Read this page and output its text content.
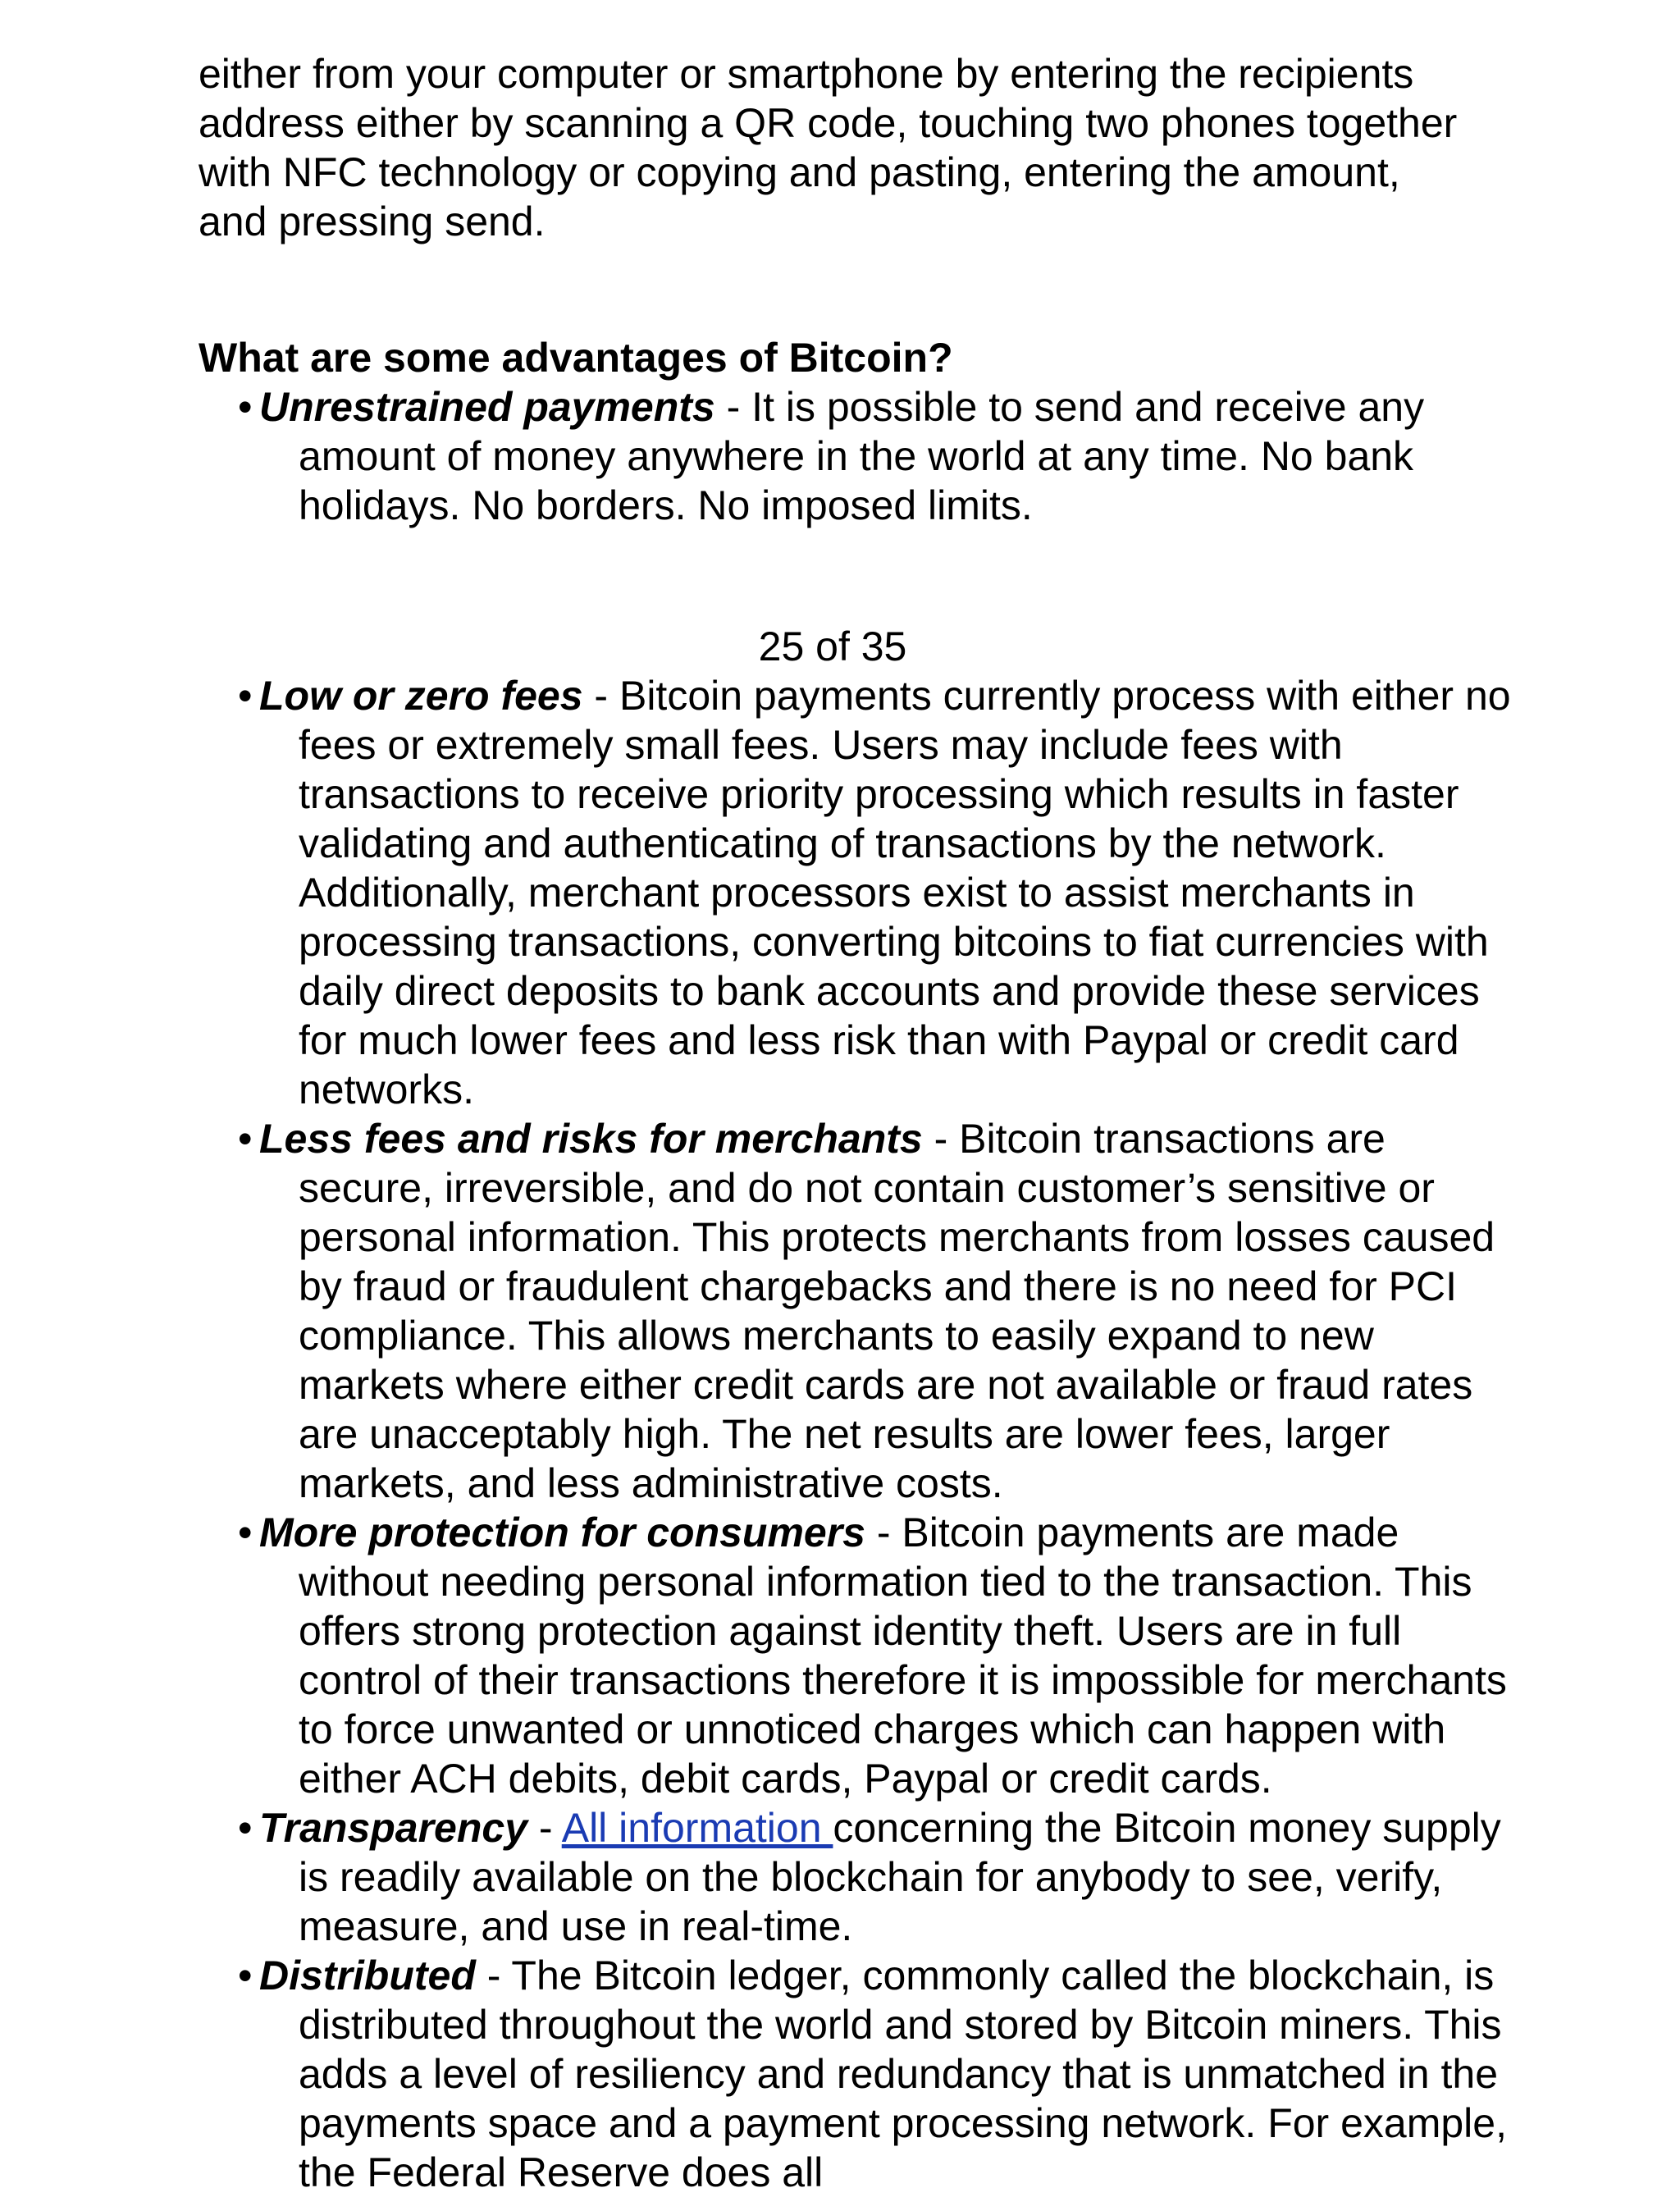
either from your computer or smartphone by entering the recipients address either by scanning a QR code, touching two phones together with NFC technology or copying and pasting, entering the amount, and pressing send.

What are some advantages of Bitcoin?
• Unrestrained payments - It is possible to send and receive any amount of money anywhere in the world at any time. No bank holidays. No borders. No imposed limits.
25 of 35
• Low or zero fees - Bitcoin payments currently process with either no fees or extremely small fees. Users may include fees with transactions to receive priority processing which results in faster validating and authenticating of transactions by the network. Additionally, merchant processors exist to assist merchants in processing transactions, converting bitcoins to fiat currencies with daily direct deposits to bank accounts and provide these services for much lower fees and less risk than with Paypal or credit card networks.
• Less fees and risks for merchants - Bitcoin transactions are secure, irreversible, and do not contain customer’s sensitive or personal information. This protects merchants from losses caused by fraud or fraudulent chargebacks and there is no need for PCI compliance. This allows merchants to easily expand to new markets where either credit cards are not available or fraud rates are unacceptably high. The net results are lower fees, larger markets, and less administrative costs.
• More protection for consumers - Bitcoin payments are made without needing personal information tied to the transaction. This offers strong protection against identity theft. Users are in full control of their transactions therefore it is impossible for merchants to force unwanted or unnoticed charges which can happen with either ACH debits, debit cards, Paypal or credit cards.
• Transparency - All information concerning the Bitcoin money supply is readily available on the blockchain for anybody to see, verify, measure, and use in real-time.
• Distributed - The Bitcoin ledger, commonly called the blockchain, is distributed throughout the world and stored by Bitcoin miners. This adds a level of resiliency and redundancy that is unmatched in the payments space and a payment processing network. For example, the Federal Reserve does all
